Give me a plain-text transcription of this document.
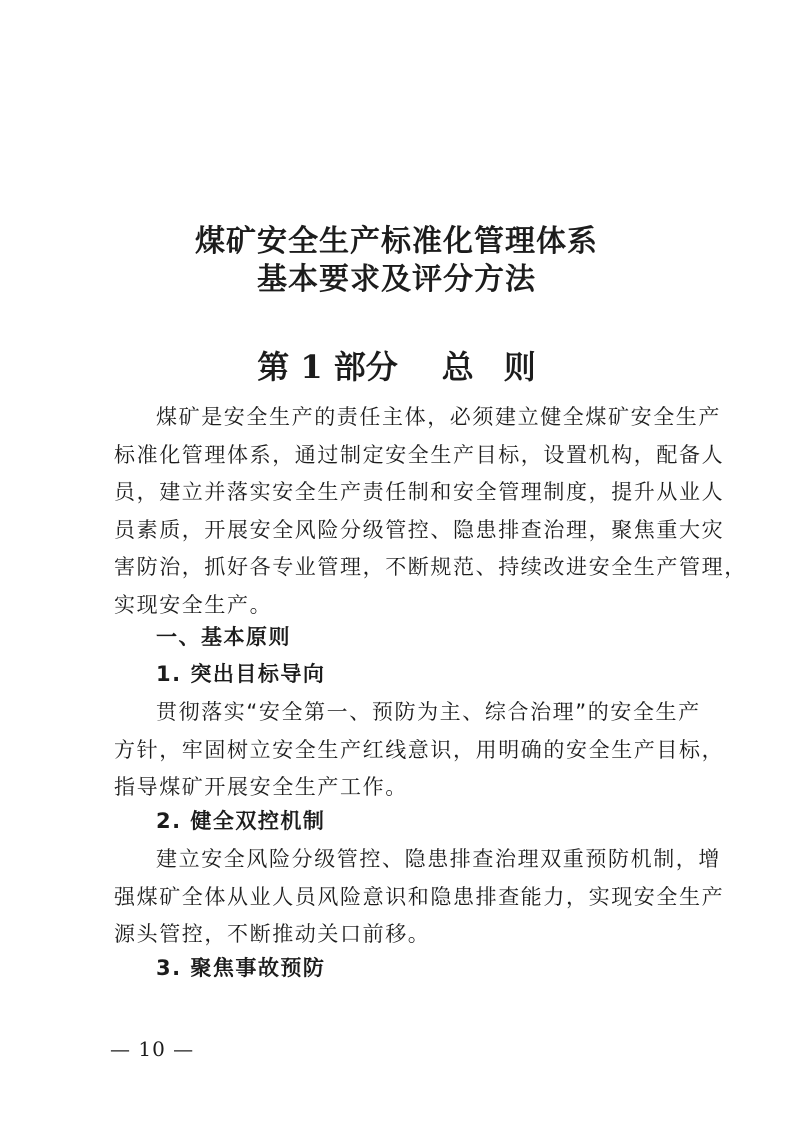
煤矿安全生产标准化管理体系
基本要求及评分方法
第 1 部分 总 则
煤矿是安全生产的责任主体，必须建立健全煤矿安全生产
标准化管理体系，通过制定安全生产目标，设置机构，配备人
员，建立并落实安全生产责任制和安全管理制度，提升从业人
员素质，开展安全风险分级管控、隐患排查治理，聚焦重大灾
害防治，抓好各专业管理，不断规范、持续改进安全生产管理，
实现安全生产。
一、基本原则
1. 突出目标导向
贯彻落实“安全第一、预防为主、综合治理”的安全生产
方针，牢固树立安全生产红线意识，用明确的安全生产目标，
指导煤矿开展安全生产工作。
2. 健全双控机制
建立安全风险分级管控、隐患排查治理双重预防机制，增
强煤矿全体从业人员风险意识和隐患排查能力，实现安全生产
源头管控，不断推动关口前移。
3. 聚焦事故预防
— 10 —
